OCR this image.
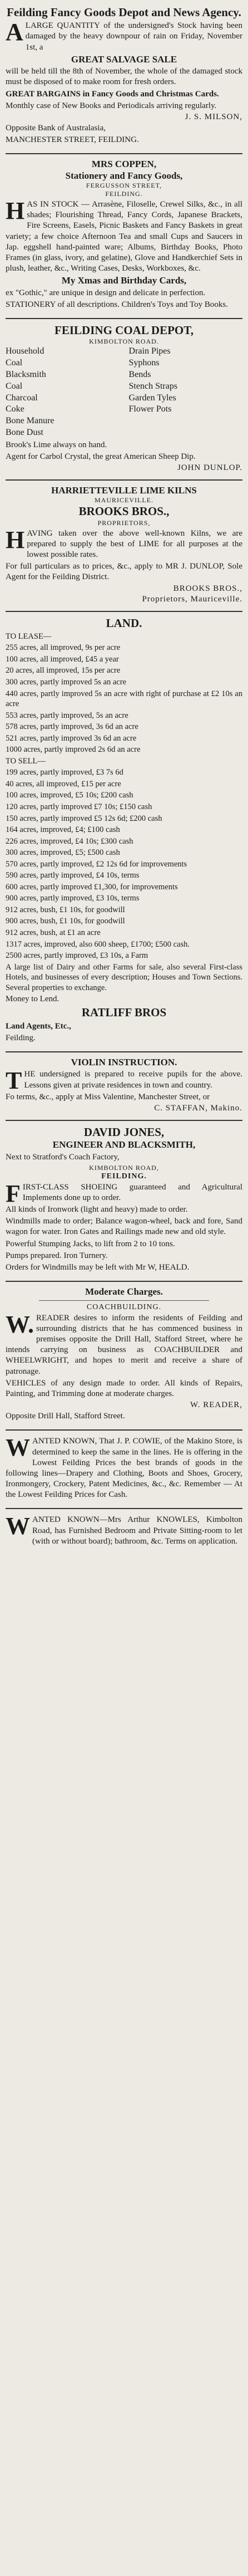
Feilding Fancy Goods Depot and News Agency.
ALARGE QUANTITY of the undersigned's Stock having been damaged by the heavy downpour of rain on Friday, November 1st, a
GREAT SALVAGE SALE
will be held till the 8th of November, the whole of the damaged stock must be disposed of to make room for fresh orders.
GREAT BARGAINS in Fancy Goods and Christmas Cards.
Monthly case of New Books and Periodicals arriving regularly.
J. S. MILSON,
Opposite Bank of Australasia,
MANCHESTER STREET, FEILDING.
MRS COPPEN,
Stationery and Fancy Goods,
FERGUSSON STREET,
FEILDING.
HAS IN STOCK — Arrasène, Filoselle, Crewel Silks, &c., in all shades; Flourishing Thread, Fancy Cords, Japanese Brackets, Fire Screens, Easels, Picnic Baskets and Fancy Baskets in great variety; a few choice Afternoon Tea and small Cups and Saucers in Jap. eggshell hand-painted ware; Albums, Birthday Books, Photo Frames (in glass, ivory, and gelatine), Glove and Handkerchief Sets in plush, leather, &c., Writing Cases, Desks, Workboxes, &c.
My Xmas and Birthday Cards,
ex "Gothic," are unique in design and delicate in perfection.
STATIONERY of all descriptions. Children's Toys and Toy Books.
FEILDING COAL DEPOT,
KIMBOLTON ROAD.
Household Coal
Blacksmith Coal
Charcoal
Coke
Bone Manure
Bone Dust
Drain Pipes
Syphons
Bends
Stench Straps
Garden Tyles
Flower Pots
Brook's Lime always on hand.
Agent for Carbol Crystal, the great American Sheep Dip.
JOHN DUNLOP.
HARRIETTEVILLE LIME KILNS
MAURICEVILLE.
BROOKS BROS.,
PROPRIETORS,
HAVING taken over the above well-known Kilns, we are prepared to supply the best of LIME for all purposes at the lowest possible rates.
For full particulars as to prices, &c., apply to MR J. DUNLOP, Sole Agent for the Feilding District.
BROOKS BROS.,
Proprietors, Mauriceville.
LAND.
TO LEASE—
255 acres, all improved, 9s per acre
100 acres, all improved, £45 a year
20 acres, all improved, 15s per acre
300 acres, partly improved 5s an acre
440 acres, partly improved 5s an acre with right of purchase at £2 10s an acre
553 acres, partly improved, 5s an acre
578 acres, partly improved, 3s 6d an acre
521 acres, partly improved 3s 6d an acre
1000 acres, partly improved 2s 6d an acre
TO SELL—
199 acres, partly improved, £3 7s 6d
40 acres, all improved, £15 per acre
100 acres, improved, £5 10s; £200 cash
120 acres, partly improved £7 10s; £150 cash
150 acres, partly improved £5 12s 6d; £200 cash
164 acres, improved, £4; £100 cash
226 acres, improved, £4 10s; £300 cash
300 acres, improved, £5; £500 cash
570 acres, partly improved, £2 12s 6d for improvements
590 acres, partly improved, £4 10s, terms
600 acres, partly improved £1,300, for improvements
900 acres, partly improved, £3 10s, terms
912 acres, bush, £1 10s, for goodwill
900 acres, bush, £1 10s, for goodwill
912 acres, bush, at £1 an acre
1317 acres, improved, also 600 sheep, £1700; £500 cash.
2500 acres, partly improved, £3 10s, a Farm
A large list of Dairy and other Farms for sale, also several First-class Hotels, and businesses of every description; Houses and Town Sections. Several properties to exchange.
Money to Lend.
RATLIFF BROS
Land Agents, Etc.,
Feilding.
VIOLIN INSTRUCTION.
THE undersigned is prepared to receive pupils for the above. Lessons given at private residences in town and country.
Fo terms, &c., apply at Miss Valentine, Manchester Street, or
C. STAFFAN, Makino.
DAVID JONES,
ENGINEER AND BLACKSMITH,
Next to Stratford's Coach Factory,
KIMBOLTON ROAD,
FEILDING.
FIRST-CLASS SHOEING guaranteed and Agricultural Implements done up to order.
All kinds of Ironwork (light and heavy) made to order.
Windmills made to order; Balance wagon-wheel, back and fore, Sand wagon for water. Iron Gates and Railings made new and old style.
Powerful Stumping Jacks, to lift from 2 to 10 tons.
Pumps prepared. Iron Turnery.
Orders for Windmills may be left with Mr W, HEALD.
Moderate Charges.
COACHBUILDING.
W.READER desires to inform the residents of Feilding and surrounding districts that he has commenced business in premises opposite the Drill Hall, Stafford Street, where he intends carrying on business as COACHBUILDER and WHEELWRIGHT, and hopes to merit and receive a share of patronage.
VEHICLES of any design made to order. All kinds of Repairs, Painting, and Trimming done at moderate charges.
W. READER,
Opposite Drill Hall, Stafford Street.
WANTED KNOWN, That J. P. COWIE, of the Makino Store, is determined to keep the same in the lines. He is offering in the Lowest Feilding Prices the best brands of goods in the following lines—Drapery and Clothing, Boots and Shoes, Grocery, Ironmongery, Crockery, Patent Medicines, &c., &c. Remember — At the Lowest Feilding Prices for Cash.
WANTED KNOWN—Mrs Arthur KNOWLES, Kimbolton Road, has Furnished Bedroom and Private Sitting-room to let (with or without board); bathroom, &c. Terms on application.
